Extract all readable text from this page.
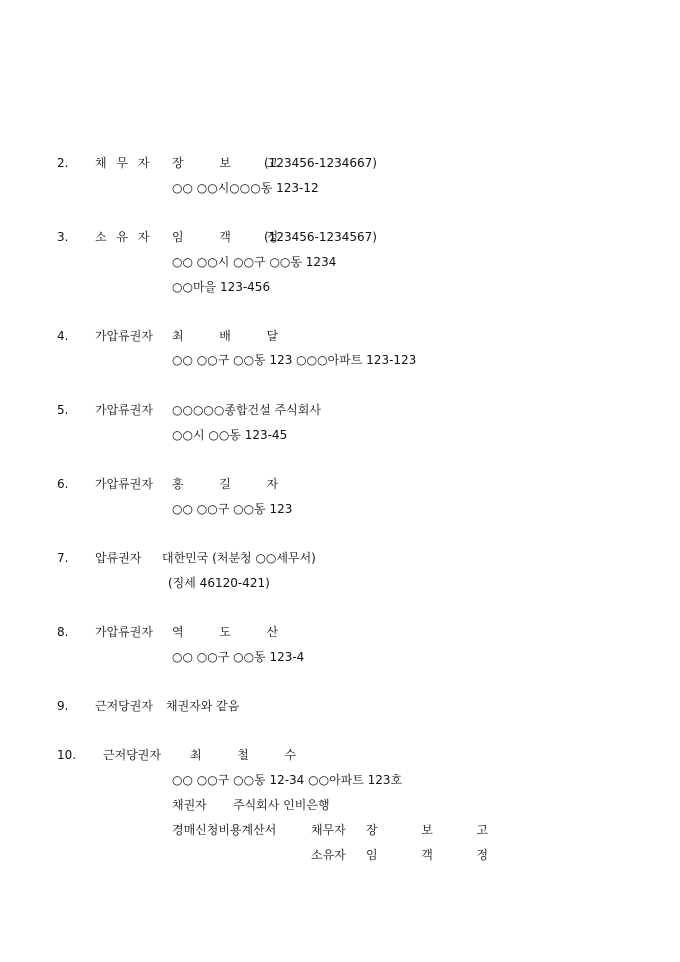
2. 채 무 자 장  보  고
(123456-1234667)
○○ ○○시○○○동 123-12
3. 소 유 자 임  객  정
(123456-1234567)
○○ ○○시 ○○구 ○○동 1234
○○마을 123-456
4. 가압류권자 최  배  달
○○ ○○구 ○○동 123 ○○○아파트 123-123
5. 가압류권자 ○○○○○종합건설 주식회사
○○시 ○○동 123-45
6. 가압류권자 홍  길  자
○○ ○○구 ○○동 123
7. 압류권자 대한민국 (처분청 ○○세무서)
(징세 46120-421)
8. 가압류권자 역  도  산
○○ ○○구 ○○동 123-4
9. 근저당권자 채권자와 같음
10. 근저당권자 최  철  수
○○ ○○구 ○○동 12-34 ○○아파트 123호
채권자 주식회사 인비은행
경매신청비용계산서	채무자 장  보  고
소유자 임  객  정
